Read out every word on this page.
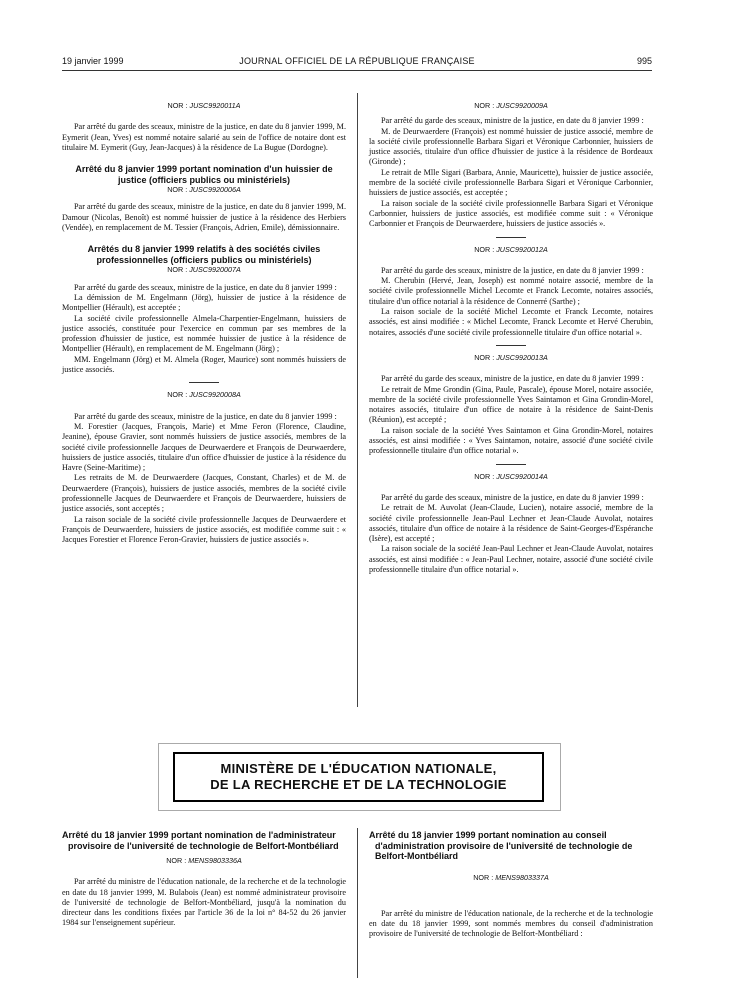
19 janvier 1999	JOURNAL OFFICIEL DE LA RÉPUBLIQUE FRANÇAISE	995

NOR : JUSC9920011A

Par arrêté du garde des sceaux, ministre de la justice, en date du 8 janvier 1999, M. Eymerit (Jean, Yves) est nommé notaire salarié au sein de l'office de notaire dont est titulaire M. Eymerit (Guy, Jean-Jacques) à la résidence de La Bugue (Dordogne).

Arrêté du 8 janvier 1999 portant nomination d'un huissier de justice (officiers publics ou ministériels)

NOR : JUSC9920006A

Par arrêté du garde des sceaux, ministre de la justice, en date du 8 janvier 1999, M. Damour (Nicolas, Benoît) est nommé huissier de justice à la résidence des Herbiers (Vendée), en remplacement de M. Tessier (François, Adrien, Emile), démissionnaire.

Arrêtés du 8 janvier 1999 relatifs à des sociétés civiles professionnelles (officiers publics ou ministériels)

NOR : JUSC9920007A

Par arrêté du garde des sceaux, ministre de la justice, en date du 8 janvier 1999 :

La démission de M. Engelmann (Jörg), huissier de justice à la résidence de Montpellier (Hérault), est acceptée ;

La société civile professionnelle Almela-Charpentier-Engelmann, huissiers de justice associés, constituée pour l'exercice en commun par ses membres de la profession d'huissier de justice, est nommée huissier de justice à la résidence de Montpellier (Hérault), en remplacement de M. Engelmann (Jörg) ;

MM. Engelmann (Jörg) et M. Almela (Roger, Maurice) sont nommés huissiers de justice associés.

NOR : JUSC9920008A

Par arrêté du garde des sceaux, ministre de la justice, en date du 8 janvier 1999 :

M. Forestier (Jacques, François, Marie) et Mme Feron (Florence, Claudine, Jeanine), épouse Gravier, sont nommés huissiers de justice associés, membres de la société civile professionnelle Jacques de Deurwaerdere et François de Deurwaerdere, huissiers de justice associés, titulaire d'un office d'huissier de justice à la résidence du Havre (Seine-Maritime) ;

Les retraits de M. de Deurwaerdere (Jacques, Constant, Charles) et de M. de Deurwaerdere (François), huissiers de justice associés, membres de la société civile professionnelle Jacques de Deurwaerdere et François de Deurwaerdere, huissiers de justice associés, sont acceptés ;

La raison sociale de la société civile professionnelle Jacques de Deurwaerdere et François de Deurwaerdere, huissiers de justice associés, est modifiée comme suit : « Jacques Forestier et Florence Feron-Gravier, huissiers de justice associés ».

NOR : JUSC9920009A

Par arrêté du garde des sceaux, ministre de la justice, en date du 8 janvier 1999 :

M. de Deurwaerdere (François) est nommé huissier de justice associé, membre de la société civile professionnelle Barbara Sigari et Véronique Carbonnier, huissiers de justice associés, titulaire d'un office d'huissier de justice à la résidence de Bordeaux (Gironde) ;

Le retrait de Mlle Sigari (Barbara, Annie, Mauricette), huissier de justice associée, membre de la société civile professionnelle Barbara Sigari et Véronique Carbonnier, huissiers de justice associés, est acceptée ;

La raison sociale de la société civile professionnelle Barbara Sigari et Véronique Carbonnier, huissiers de justice associés, est modifiée comme suit : « Véronique Carbonnier et François de Deurwaerdere, huissiers de justice associés ».

NOR : JUSC9920012A

Par arrêté du garde des sceaux, ministre de la justice, en date du 8 janvier 1999 :

M. Cherubin (Hervé, Jean, Joseph) est nommé notaire associé, membre de la société civile professionnelle Michel Lecomte et Franck Lecomte, notaires associés, titulaire d'un office notarial à la résidence de Connerré (Sarthe) ;

La raison sociale de la société Michel Lecomte et Franck Lecomte, notaires associés, est ainsi modifiée : « Michel Lecomte, Franck Lecomte et Hervé Cherubin, notaires, associés d'une société civile professionnelle titulaire d'un office notarial ».

NOR : JUSC9920013A

Par arrêté du garde des sceaux, ministre de la justice, en date du 8 janvier 1999 :

Le retrait de Mme Grondin (Gina, Paule, Pascale), épouse Morel, notaire associée, membre de la société civile professionnelle Yves Saintamon et Gina Grondin-Morel, notaires associés, titulaire d'un office de notaire à la résidence de Saint-Denis (Réunion), est accepté ;

La raison sociale de la société Yves Saintamon et Gina Grondin-Morel, notaires associés, est ainsi modifiée : « Yves Saintamon, notaire, associé d'une société civile professionnelle titulaire d'un office notarial ».

NOR : JUSC9920014A

Par arrêté du garde des sceaux, ministre de la justice, en date du 8 janvier 1999 :

Le retrait de M. Auvolat (Jean-Claude, Lucien), notaire associé, membre de la société civile professionnelle Jean-Paul Lechner et Jean-Claude Auvolat, notaires associés, titulaire d'un office de notaire à la résidence de Saint-Georges-d'Espéranche (Isère), est accepté ;

La raison sociale de la société Jean-Paul Lechner et Jean-Claude Auvolat, notaires associés, est ainsi modifiée : « Jean-Paul Lechner, notaire, associé d'une société civile professionnelle titulaire d'un office notarial ».

MINISTÈRE DE L'ÉDUCATION NATIONALE,
DE LA RECHERCHE ET DE LA TECHNOLOGIE
Arrêté du 18 janvier 1999 portant nomination de l'administrateur provisoire de l'université de technologie de Belfort-Montbéliard

NOR : MENS9803336A

Par arrêté du ministre de l'éducation nationale, de la recherche et de la technologie en date du 18 janvier 1999, M. Bulabois (Jean) est nommé administrateur provisoire de l'université de technologie de Belfort-Montbéliard, jusqu'à la nomination du directeur dans les conditions fixées par l'article 36 de la loi n° 84-52 du 26 janvier 1984 sur l'enseignement supérieur.

Arrêté du 18 janvier 1999 portant nomination au conseil d'administration provisoire de l'université de technologie de Belfort-Montbéliard

NOR : MENS9803337A

Par arrêté du ministre de l'éducation nationale, de la recherche et de la technologie en date du 18 janvier 1999, sont nommés membres du conseil d'administration provisoire de l'université de technologie de Belfort-Montbéliard :
